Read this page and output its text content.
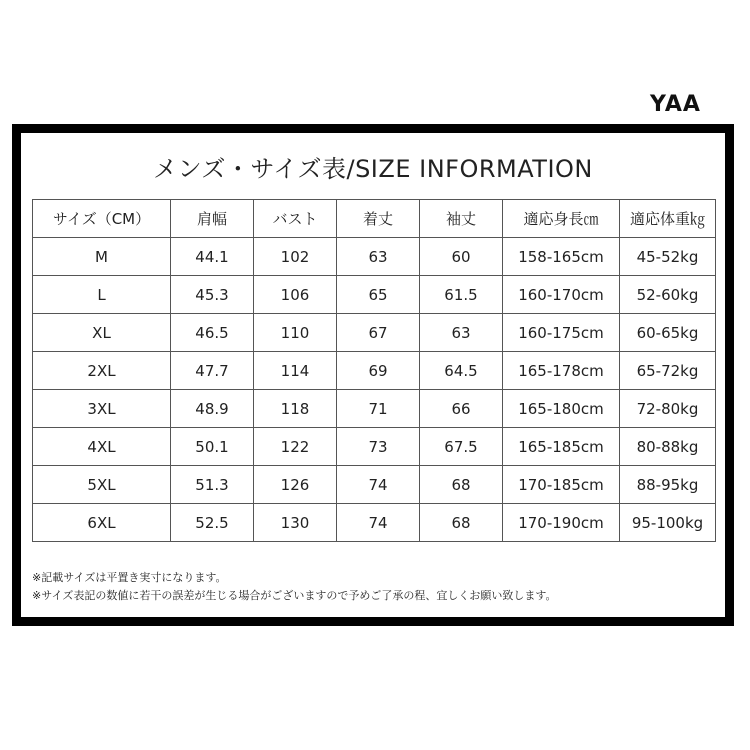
YAA
メンズ・サイズ表/SIZE INFORMATION
サイズ（CM）	肩幅	バスト	着丈	袖丈	適応身長㎝	適応体重㎏
M	44.1	102	63	60	158-165cm	45-52kg
L	45.3	106	65	61.5	160-170cm	52-60kg
XL	46.5	110	67	63	160-175cm	60-65kg
2XL	47.7	114	69	64.5	165-178cm	65-72kg
3XL	48.9	118	71	66	165-180cm	72-80kg
4XL	50.1	122	73	67.5	165-185cm	80-88kg
5XL	51.3	126	74	68	170-185cm	88-95kg
6XL	52.5	130	74	68	170-190cm	95-100kg
※記載サイズは平置き実寸になります。
※サイズ表記の数値に若干の誤差が生じる場合がございますので予めご了承の程、宜しくお願い致します。
